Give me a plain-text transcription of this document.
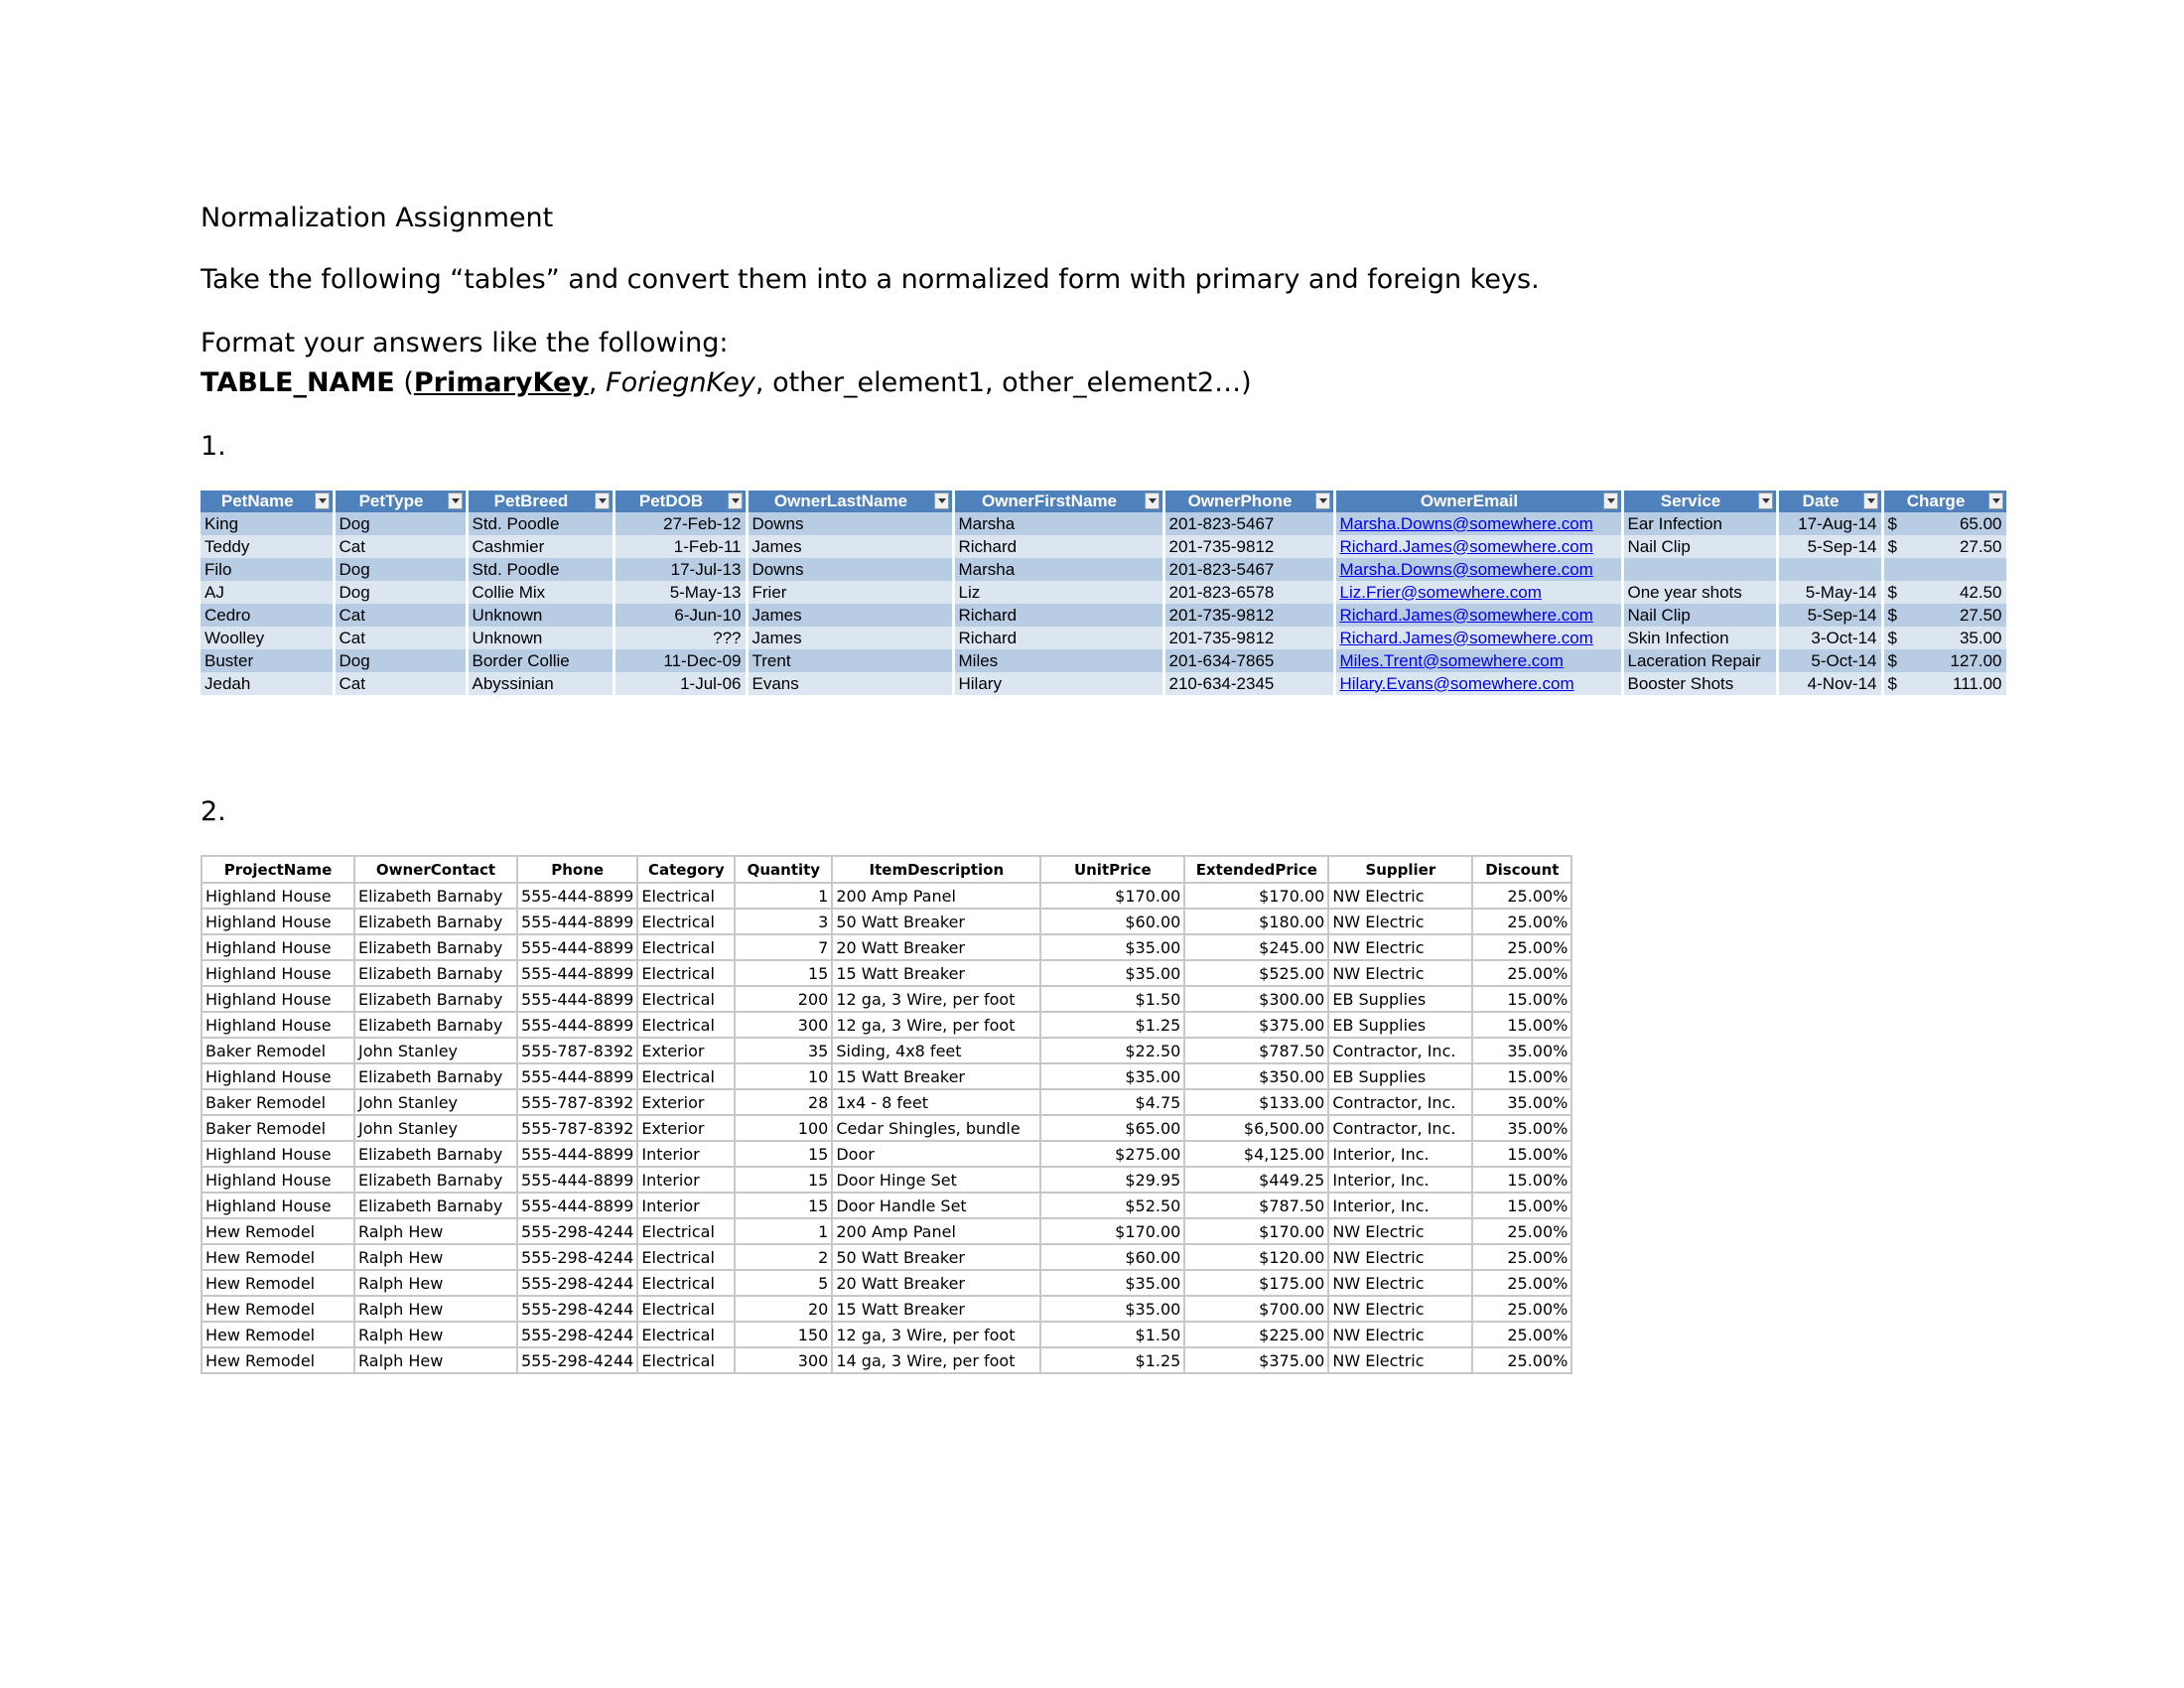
Normalization Assignment
Take the following “tables” and convert them into a normalized form with primary and foreign keys.
Format your answers like the following:
TABLE_NAME (PrimaryKey, ForiegnKey, other_element1, other_element2…)
1.
2.
PetName	PetType	PetBreed	PetDOB	OwnerLastName	OwnerFirstName	OwnerPhone	OwnerEmail	Service	Date	Charge

King	Dog	Std. Poodle	27-Feb-12	Downs	Marsha	201-823-5467	Marsha.Downs@somewhere.com	Ear Infection	17-Aug-14	$ 65.00
Teddy	Cat	Cashmier	1-Feb-11	James	Richard	201-735-9812	Richard.James@somewhere.com	Nail Clip	5-Sep-14	$ 27.50
Filo	Dog	Std. Poodle	17-Jul-13	Downs	Marsha	201-823-5467	Marsha.Downs@somewhere.com			

AJ	Dog	Collie Mix	5-May-13	Frier	Liz	201-823-6578	Liz.Frier@somewhere.com	One year shots	5-May-14	$ 42.50
Cedro	Cat	Unknown	6-Jun-10	James	Richard	201-735-9812	Richard.James@somewhere.com	Nail Clip	5-Sep-14	$ 27.50
Woolley	Cat	Unknown	???	James	Richard	201-735-9812	Richard.James@somewhere.com	Skin Infection	3-Oct-14	$ 35.00
Buster	Dog	Border Collie	11-Dec-09	Trent	Miles	201-634-7865	Miles.Trent@somewhere.com	Laceration Repair	5-Oct-14	$ 127.00
Jedah	Cat	Abyssinian	1-Jul-06	Evans	Hilary	210-634-2345	Hilary.Evans@somewhere.com	Booster Shots	4-Nov-14	$ 111.00
ProjectName	OwnerContact	Phone	Category	Quantity	ItemDescription	UnitPrice	ExtendedPrice	Supplier	Discount
Highland House	Elizabeth Barnaby	555-444-8899	Electrical	1	200 Amp Panel	$170.00	$170.00	NW Electric	25.00%
Highland House	Elizabeth Barnaby	555-444-8899	Electrical	3	50 Watt Breaker	$60.00	$180.00	NW Electric	25.00%
Highland House	Elizabeth Barnaby	555-444-8899	Electrical	7	20 Watt Breaker	$35.00	$245.00	NW Electric	25.00%
Highland House	Elizabeth Barnaby	555-444-8899	Electrical	15	15 Watt Breaker	$35.00	$525.00	NW Electric	25.00%
Highland House	Elizabeth Barnaby	555-444-8899	Electrical	200	12 ga, 3 Wire, per foot	$1.50	$300.00	EB Supplies	15.00%
Highland House	Elizabeth Barnaby	555-444-8899	Electrical	300	12 ga, 3 Wire, per foot	$1.25	$375.00	EB Supplies	15.00%
Baker Remodel	John Stanley	555-787-8392	Exterior	35	Siding, 4x8 feet	$22.50	$787.50	Contractor, Inc.	35.00%
Highland House	Elizabeth Barnaby	555-444-8899	Electrical	10	15 Watt Breaker	$35.00	$350.00	EB Supplies	15.00%
Baker Remodel	John Stanley	555-787-8392	Exterior	28	1x4 - 8 feet	$4.75	$133.00	Contractor, Inc.	35.00%
Baker Remodel	John Stanley	555-787-8392	Exterior	100	Cedar Shingles, bundle	$65.00	$6,500.00	Contractor, Inc.	35.00%
Highland House	Elizabeth Barnaby	555-444-8899	Interior	15	Door	$275.00	$4,125.00	Interior, Inc.	15.00%
Highland House	Elizabeth Barnaby	555-444-8899	Interior	15	Door Hinge Set	$29.95	$449.25	Interior, Inc.	15.00%
Highland House	Elizabeth Barnaby	555-444-8899	Interior	15	Door Handle Set	$52.50	$787.50	Interior, Inc.	15.00%
Hew Remodel	Ralph Hew	555-298-4244	Electrical	1	200 Amp Panel	$170.00	$170.00	NW Electric	25.00%
Hew Remodel	Ralph Hew	555-298-4244	Electrical	2	50 Watt Breaker	$60.00	$120.00	NW Electric	25.00%
Hew Remodel	Ralph Hew	555-298-4244	Electrical	5	20 Watt Breaker	$35.00	$175.00	NW Electric	25.00%
Hew Remodel	Ralph Hew	555-298-4244	Electrical	20	15 Watt Breaker	$35.00	$700.00	NW Electric	25.00%
Hew Remodel	Ralph Hew	555-298-4244	Electrical	150	12 ga, 3 Wire, per foot	$1.50	$225.00	NW Electric	25.00%
Hew Remodel	Ralph Hew	555-298-4244	Electrical	300	14 ga, 3 Wire, per foot	$1.25	$375.00	NW Electric	25.00%
